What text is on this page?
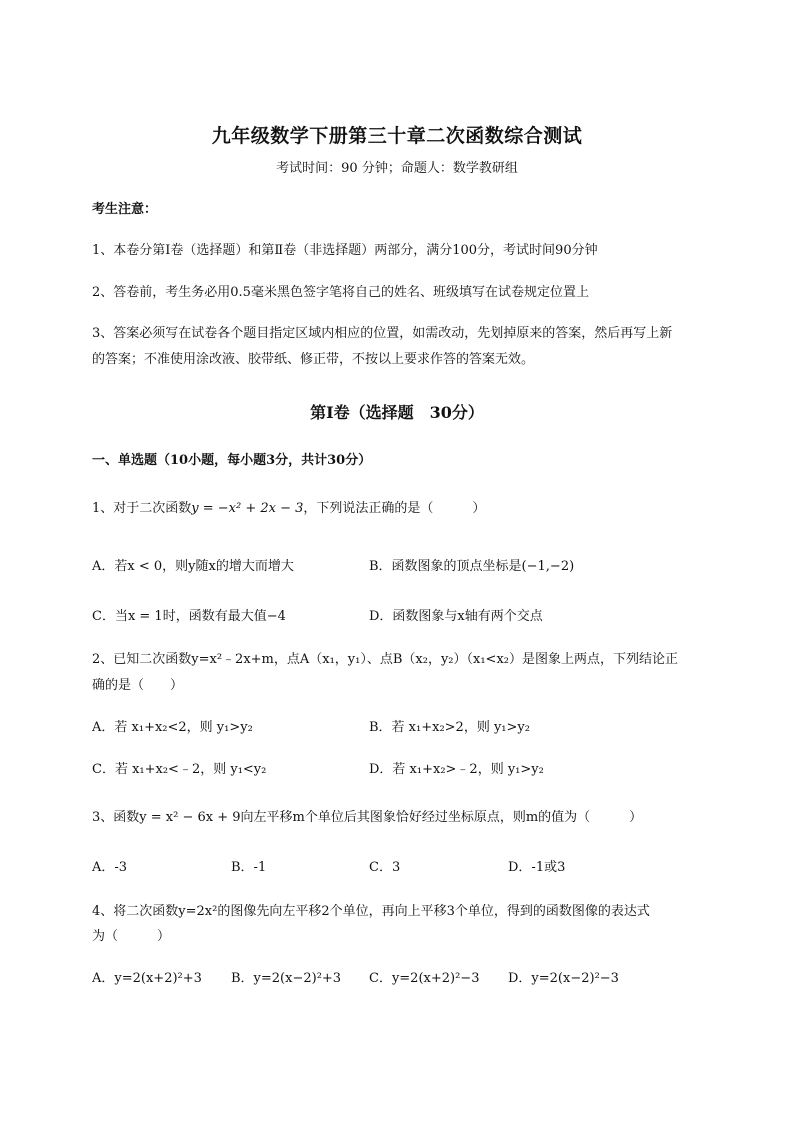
九年级数学下册第三十章二次函数综合测试
考试时间：90 分钟；命题人：数学教研组
考生注意：
1、本卷分第Ⅰ卷（选择题）和第Ⅱ卷（非选择题）两部分，满分100分，考试时间90分钟
2、答卷前，考生务必用0.5毫米黑色签字笔将自己的姓名、班级填写在试卷规定位置上
3、答案必须写在试卷各个题目指定区域内相应的位置，如需改动，先划掉原来的答案，然后再写上新
的答案；不准使用涂改液、胶带纸、修正带，不按以上要求作答的答案无效。
第Ⅰ卷（选择题　30分）
一、单选题（10小题，每小题3分，共计30分）
1、对于二次函数y = −x² + 2x − 3，下列说法正确的是（　　　）
A．若x < 0，则y随x的增大而增大	B．函数图象的顶点坐标是(−1,−2)
C．当x = 1时，函数有最大值−4	D．函数图象与x轴有两个交点
2、已知二次函数y=x²﹣2x+m，点A（x₁，y₁）、点B（x₂，y₂）（x₁<x₂）是图象上两点，下列结论正
确的是（　　）
A．若 x₁+x₂<2，则 y₁>y₂	B．若 x₁+x₂>2，则 y₁>y₂
C．若 x₁+x₂<﹣2，则 y₁<y₂	D．若 x₁+x₂>﹣2，则 y₁>y₂
3、函数y = x² − 6x + 9向左平移m个单位后其图象恰好经过坐标原点，则m的值为（　　　）
A．-3	B．-1	C．3	D．-1或3
4、将二次函数y=2x²的图像先向左平移2个单位，再向上平移3个单位，得到的函数图像的表达式
为（　　　）
A．y=2(x+2)²+3 B．y=2(x−2)²+3 C．y=2(x+2)²−3 D．y=2(x−2)²−3
